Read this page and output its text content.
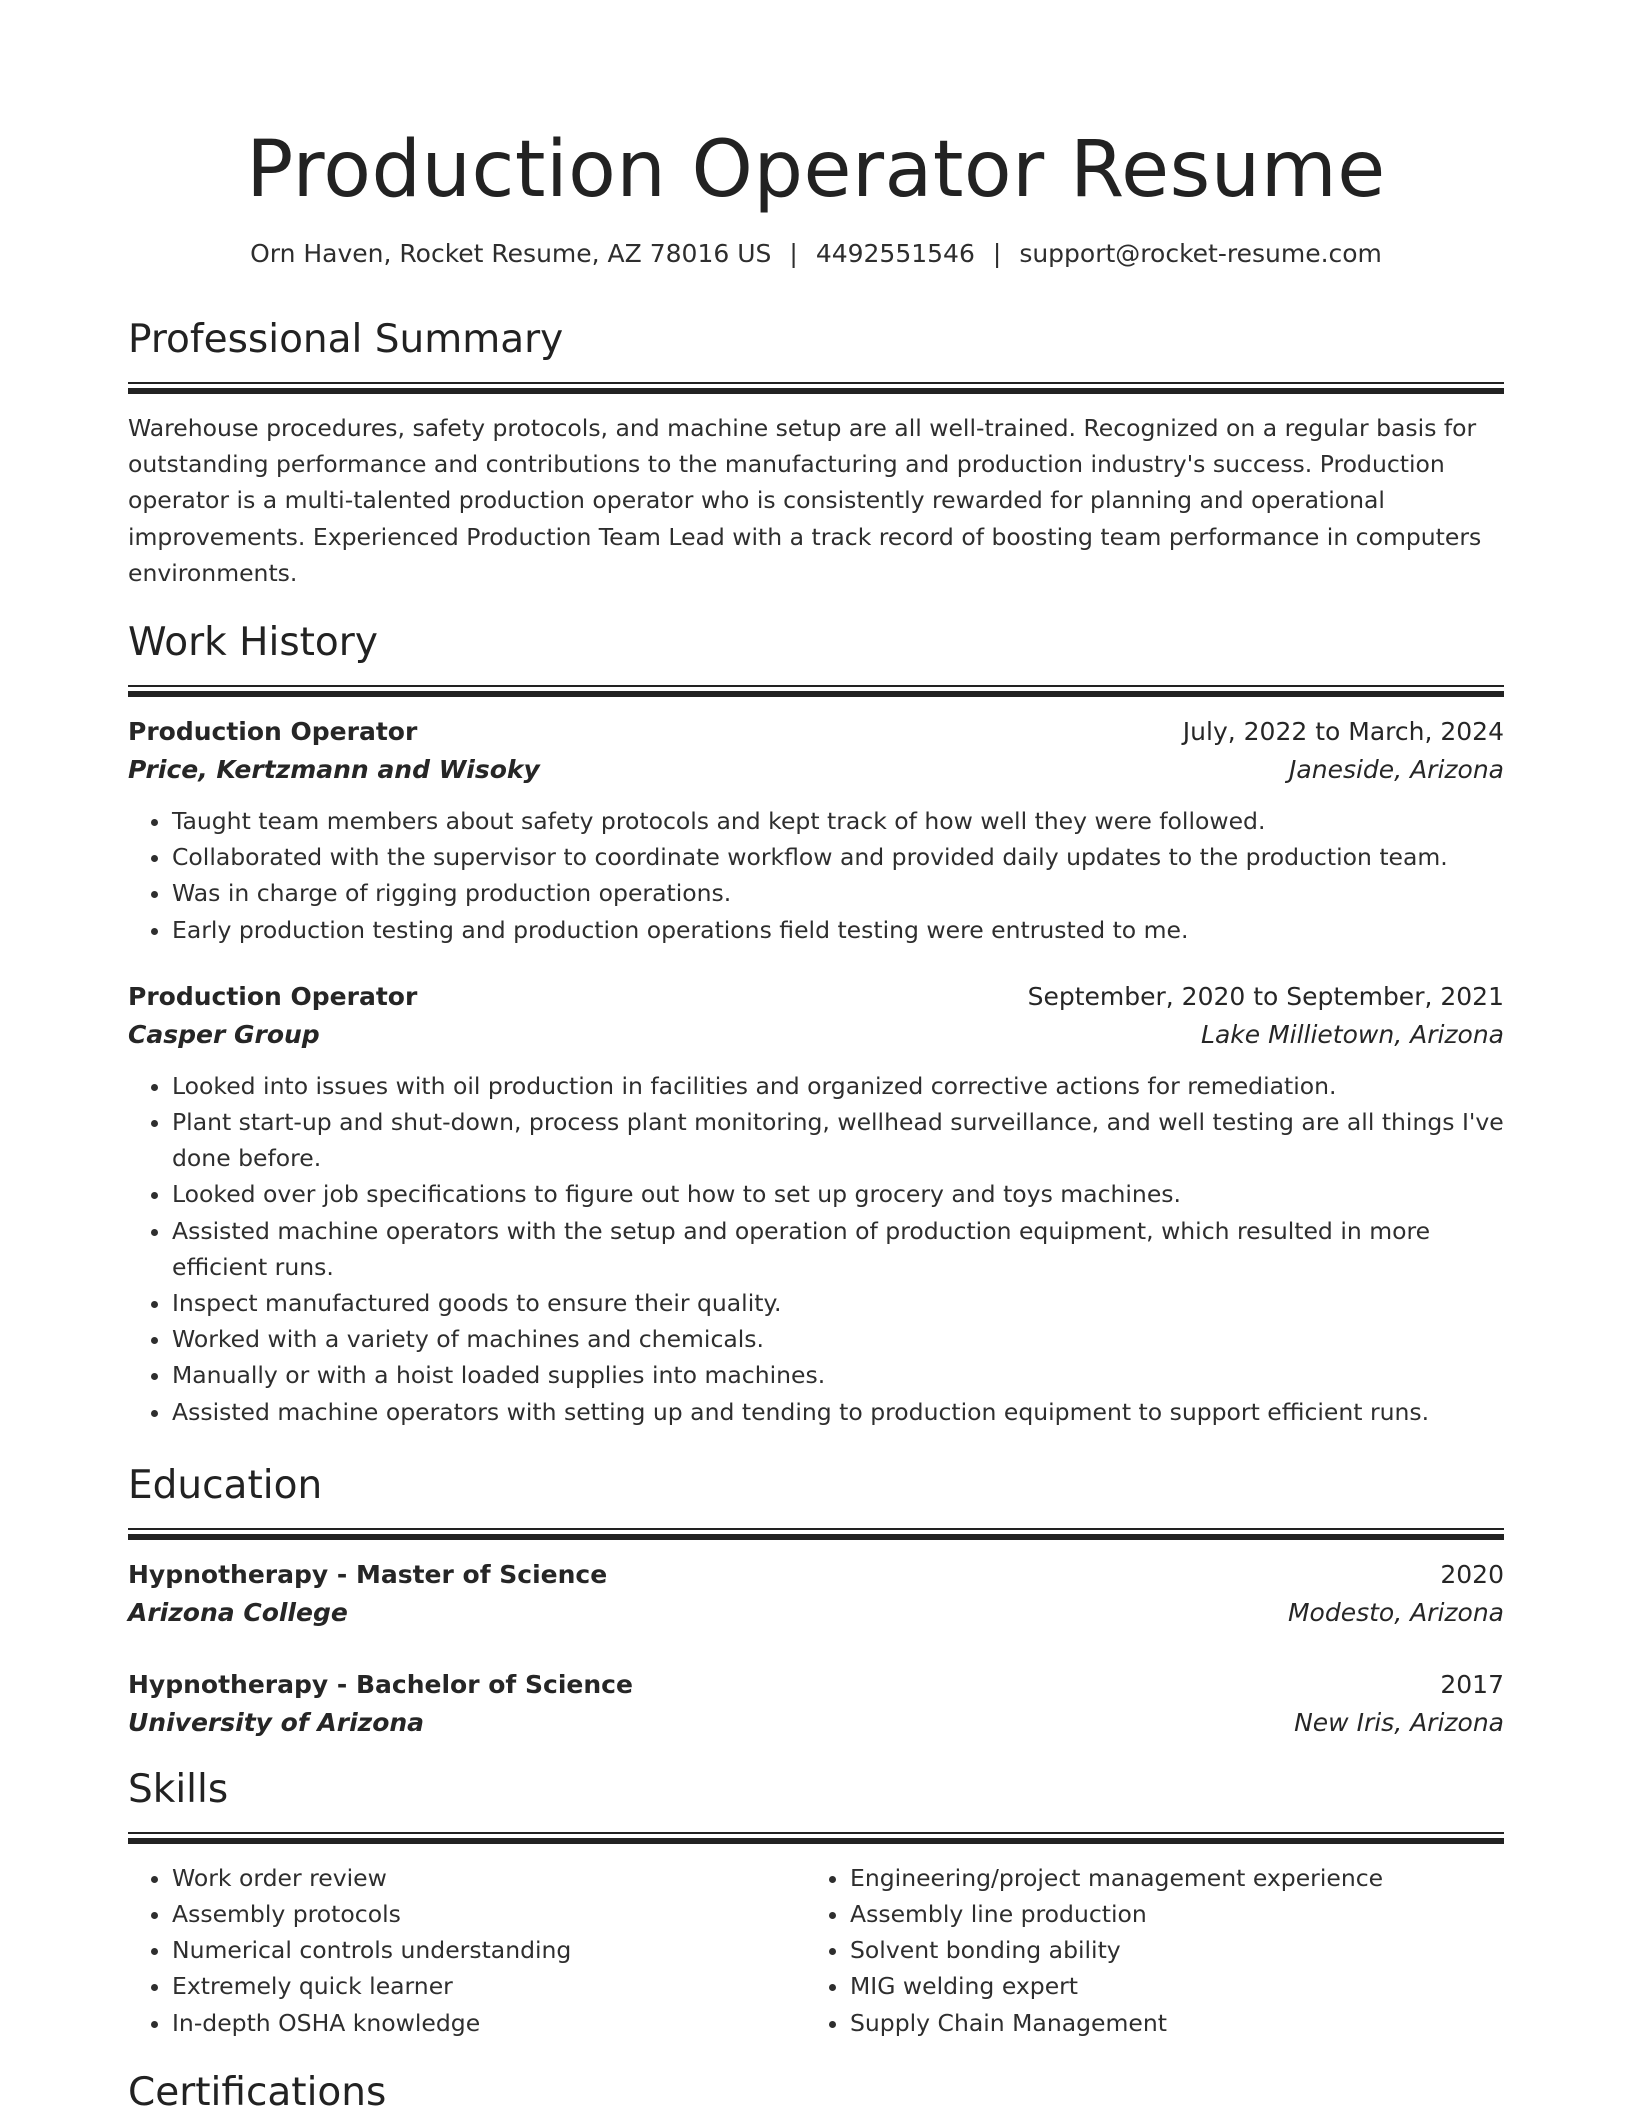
Production Operator Resume
Orn Haven, Rocket Resume, AZ 78016 US | 4492551546 | support@rocket-resume.com
Professional Summary

Warehouse procedures, safety protocols, and machine setup are all well-trained. Recognized on a regular basis for outstanding performance and contributions to the manufacturing and production industry's success. Production operator is a multi-talented production operator who is consistently rewarded for planning and operational improvements. Experienced Production Team Lead with a track record of boosting team performance in computers environments.

Work History
Production Operator	July, 2022 to March, 2024
Price, Kertzmann and Wisoky	Janeside, Arizona
• Taught team members about safety protocols and kept track of how well they were followed.
• Collaborated with the supervisor to coordinate workflow and provided daily updates to the production team.
• Was in charge of rigging production operations.
• Early production testing and production operations field testing were entrusted to me.
Production Operator	September, 2020 to September, 2021
Casper Group	Lake Millietown, Arizona
• Looked into issues with oil production in facilities and organized corrective actions for remediation.
• Plant start-up and shut-down, process plant monitoring, wellhead surveillance, and well testing are all things I've done before.
• Looked over job specifications to figure out how to set up grocery and toys machines.
• Assisted machine operators with the setup and operation of production equipment, which resulted in more efficient runs.
• Inspect manufactured goods to ensure their quality.
• Worked with a variety of machines and chemicals.
• Manually or with a hoist loaded supplies into machines.
• Assisted machine operators with setting up and tending to production equipment to support efficient runs.
Education
Hypnotherapy - Master of Science	2020
Arizona College	Modesto, Arizona
Hypnotherapy - Bachelor of Science	2017
University of Arizona	New Iris, Arizona
Skills
• Work order review
• Assembly protocols
• Numerical controls understanding
• Extremely quick learner
• In-depth OSHA knowledge
• Engineering/project management experience
• Assembly line production
• Solvent bonding ability
• MIG welding expert
• Supply Chain Management
Certifications
